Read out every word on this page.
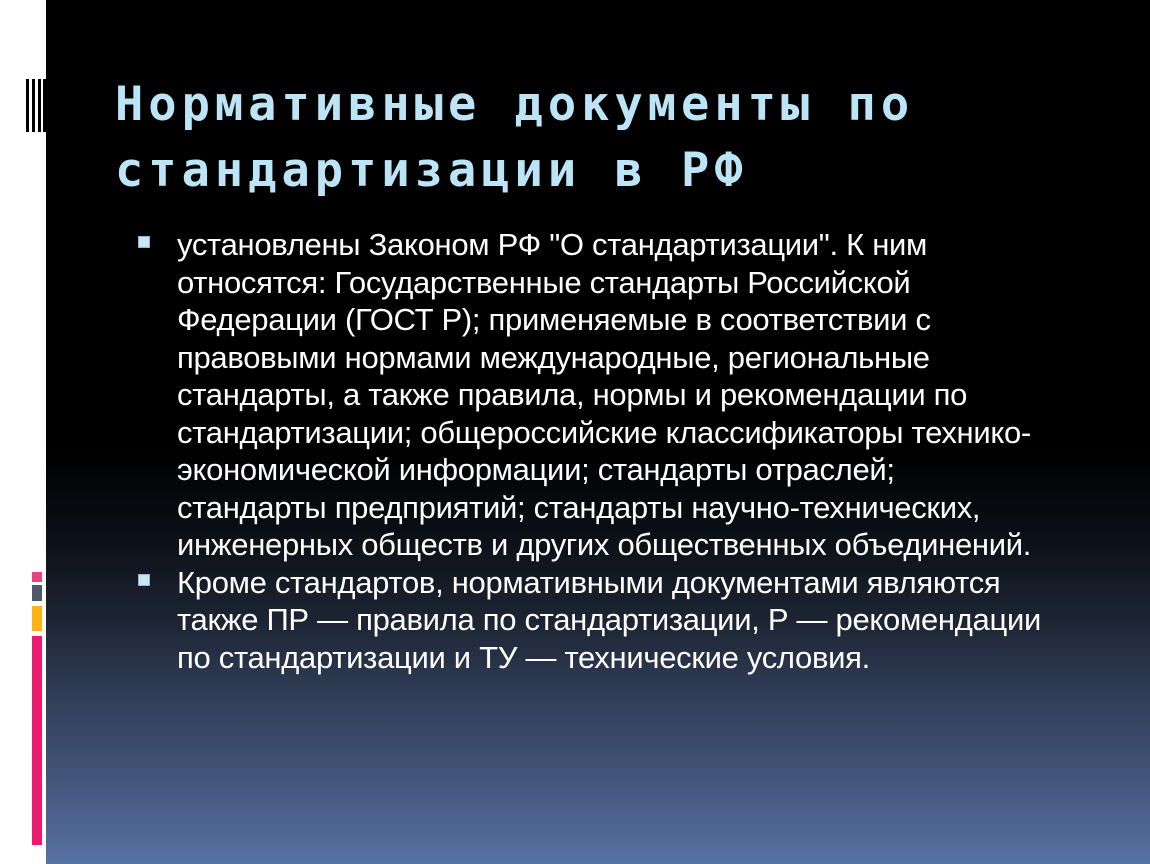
Нормативные документы по
стандартизации в РФ
установлены Законом РФ "О стандартизации". К ним относятся: Государственные стандарты Российской Федерации (ГОСТ Р); применяемые в соответствии с правовыми нормами международные, региональные стандарты, а также правила, нормы и рекомендации по стандартизации; общероссийские классификаторы технико-экономической информации; стандарты отраслей; стандарты предприятий; стандарты научно-технических, инженерных обществ и других общественных объединений.
Кроме стандартов, нормативными документами являются также ПР — правила по стандартизации, Р — рекомендации по стандартизации и ТУ — технические условия.
